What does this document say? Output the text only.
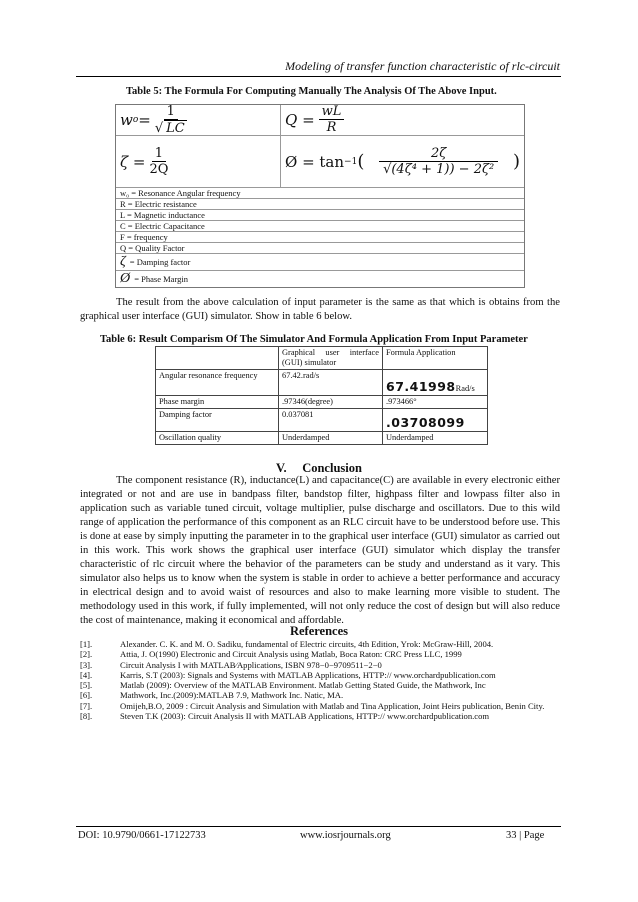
Modeling of transfer function characteristic of rlc-circuit
Table 5: The Formula For Computing Manually The Analysis Of The Above Input.
w $o = \frac{1}{√ LC}$	$Q = \frac{wL}{R}$
$\zeta = \frac{1}{2Q}$	Ø = tan −1 ( $\frac{2\zeta}{\text{√(4ζ⁴ + 1)) − 2ζ²}}$ )
w₀ = Resonance Angular frequency
R = Electric resistance
L = Magnetic inductance
C = Electric Capacitance
F = frequency
Q = Quality Factor
ζ = Damping factor
Ø = Phase Margin
The result from the above calculation of input parameter is the same as that which is obtains from the graphical user interface (GUI) simulator. Show in table 6 below.
Table 6: Result Comparism Of The Simulator And Formula Application From Input Parameter
	Graphical user interface (GUI) simulator	Formula Application
Angular resonance frequency	67.42.rad/s	67.41998Rad/s
Phase margin	.97346(degree)	.973466°
Damping factor	0.037081	.03708099
Oscillation quality	Underdamped	Underdamped
V. Conclusion
The component resistance (R), inductance(L) and capacitance(C) are available in every electronic either integrated or not and are use in bandpass filter, bandstop filter, highpass filter and lowpass filter also in application such as variable tuned circuit, voltage multiplier, pulse discharge and oscillators. Due to this wild range of application the performance of this component as an RLC circuit have to be understood before use. This is done at ease by simply inputting the parameter in to the graphical user interface (GUI) simulator as carried out in this work. This work shows the graphical user interface (GUI) simulator which display the transfer characteristic of rlc circuit where the behavior of the parameters can be study and understand as it vary. This simulator also helps us to know when the system is stable in order to achieve a better performance and accuracy in electrical design and to avoid waist of resources and also to make learning more visible to student. The methodology used in this work, if fully implemented, will not only reduce the cost of design but will also reduce the cost of maintenance, making it economical and affordable.
References
[1].	Alexander. C. K. and M. O. Sadiku, fundamental of Electric circuits, 4th Edition, Yrok: McGraw-Hill, 2004.
[2].	Attia, J. O(1990) Electronic and Circuit Analysis using Matlab, Boca Raton: CRC Press LLC, 1999
[3].	Circuit Analysis I with MATLAB⁄Applications, ISBN 978−0−9709511−2−0
[4].	Karris, S.T (2003): Signals and Systems with MATLAB Applications, HTTP:// www.orchardpublication.com
[5].	Matlab (2009): Overview of the MATLAB Environment. Matlab Getting Stated Guide, the Mathwork, Inc
[6].	Mathwork, Inc.(2009):MATLAB 7.9, Mathwork Inc. Natic, MA.
[7].	Omijeh,B.O, 2009 : Circuit Analysis and Simulation with Matlab and Tina Application, Joint Heirs publication, Benin City.
[8].	Steven T.K (2003): Circuit Analysis II with MATLAB Applications, HTTP:// www.orchardpublication.com
DOI: 10.9790/0661-17122733	www.iosrjournals.org	33 | Page
